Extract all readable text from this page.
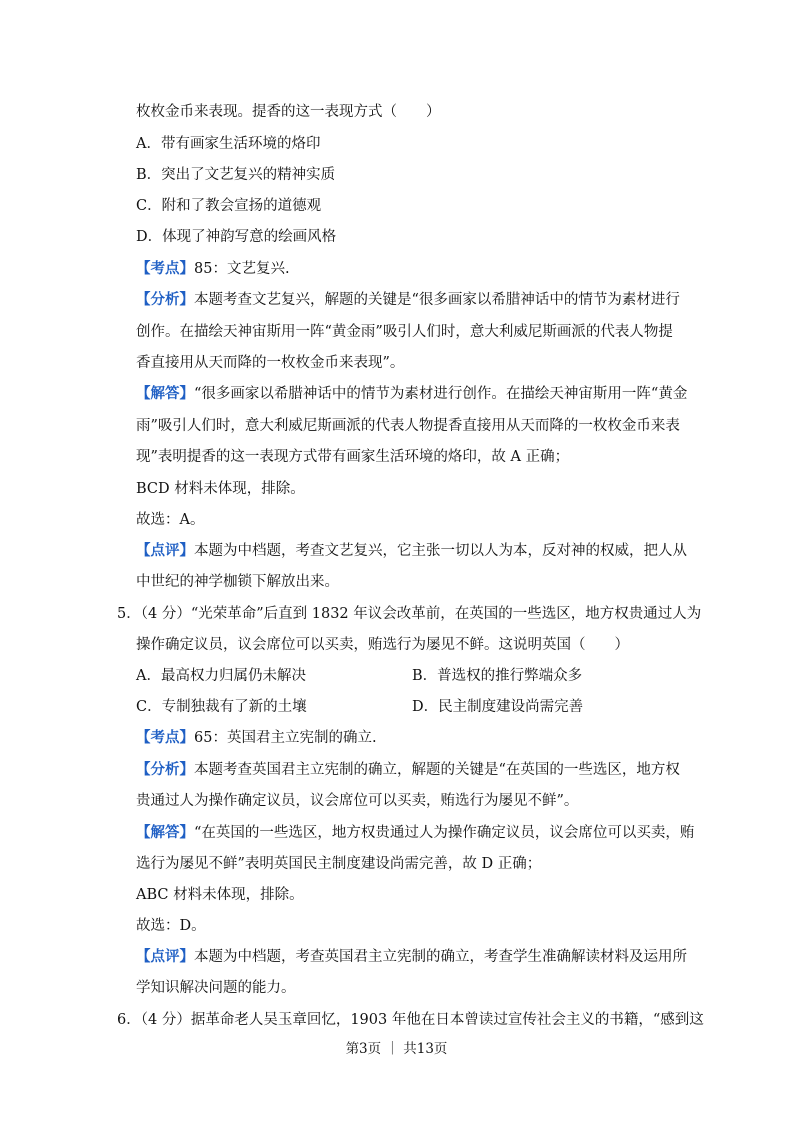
枚枚金币来表现。提香的这一表现方式（　　）
A．带有画家生活环境的烙印
B．突出了文艺复兴的精神实质
C．附和了教会宣扬的道德观
D．体现了神韵写意的绘画风格
【考点】85：文艺复兴.
【分析】本题考查文艺复兴，解题的关键是“很多画家以希腊神话中的情节为素材进行
创作。在描绘天神宙斯用一阵“黄金雨”吸引人们时，意大利威尼斯画派的代表人物提
香直接用从天而降的一枚枚金币来表现”。
【解答】“很多画家以希腊神话中的情节为素材进行创作。在描绘天神宙斯用一阵“黄金
雨”吸引人们时，意大利威尼斯画派的代表人物提香直接用从天而降的一枚枚金币来表
现”表明提香的这一表现方式带有画家生活环境的烙印，故 A 正确；
BCD 材料未体现，排除。
故选：A。
【点评】本题为中档题，考查文艺复兴，它主张一切以人为本，反对神的权威，把人从
中世纪的神学枷锁下解放出来。
5．（4 分）“光荣革命”后直到 1832 年议会改革前，在英国的一些选区，地方权贵通过人为
操作确定议员，议会席位可以买卖，贿选行为屡见不鲜。这说明英国（　　）
A．最高权力归属仍未解决	B．普选权的推行弊端众多
C．专制独裁有了新的土壤	D．民主制度建设尚需完善
【考点】65：英国君主立宪制的确立.
【分析】本题考查英国君主立宪制的确立，解题的关键是“在英国的一些选区，地方权
贵通过人为操作确定议员，议会席位可以买卖，贿选行为屡见不鲜”。
【解答】“在英国的一些选区，地方权贵通过人为操作确定议员，议会席位可以买卖，贿
选行为屡见不鲜”表明英国民主制度建设尚需完善，故 D 正确；
ABC 材料未体现，排除。
故选：D。
【点评】本题为中档题，考查英国君主立宪制的确立，考查学生准确解读材料及运用所
学知识解决问题的能力。
6．（4 分）据革命老人吴玉章回忆，1903 年他在日本曾读过宣传社会主义的书籍，“感到这
第3页 ｜ 共13页
